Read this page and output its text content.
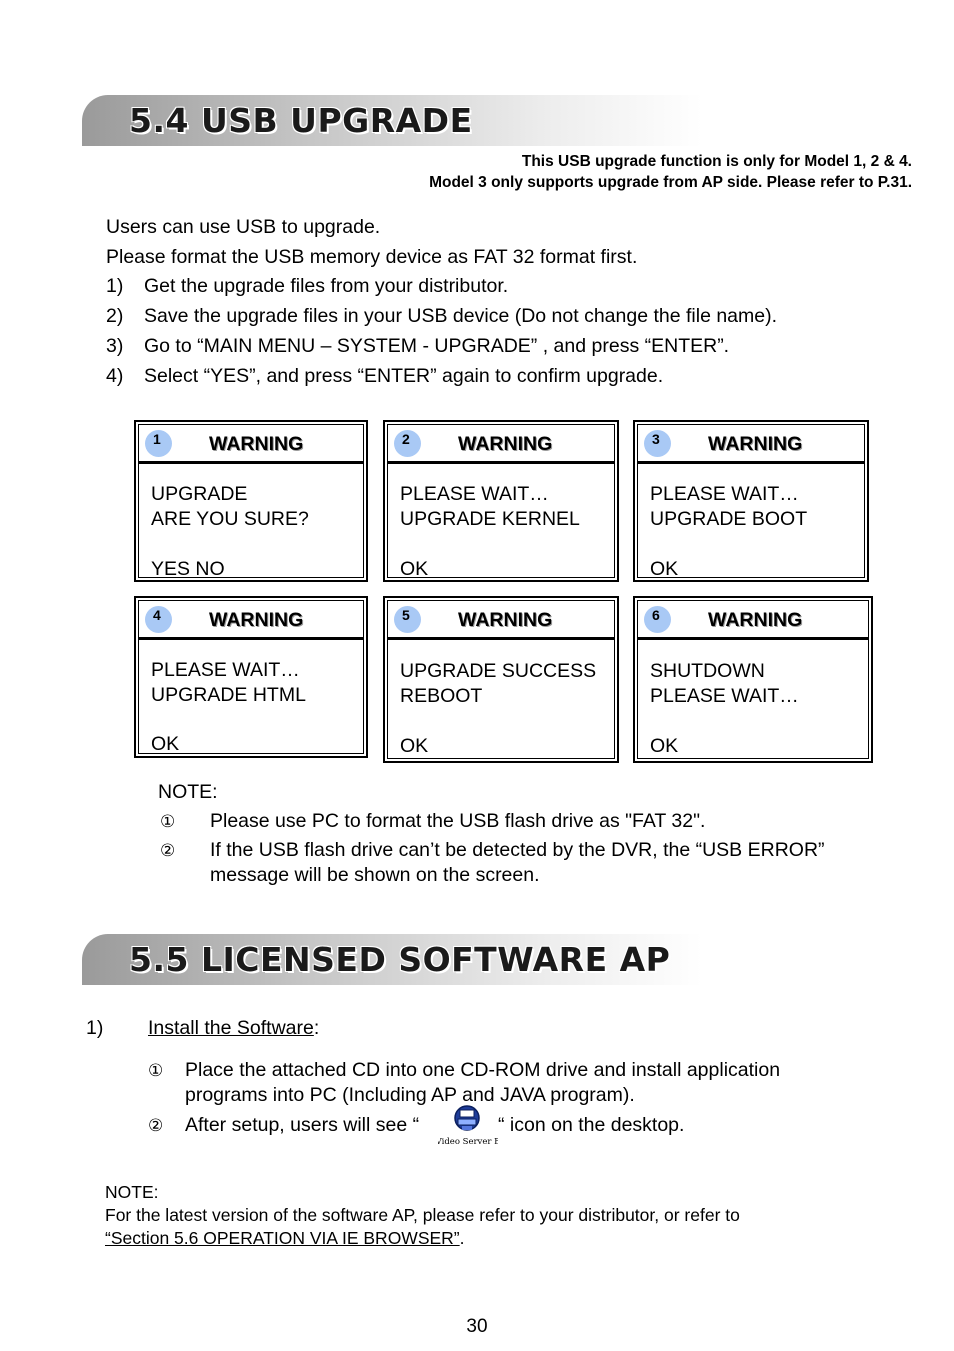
5.4 USB UPGRADE
This USB upgrade function is only for Model 1, 2 & 4.
Model 3 only supports upgrade from AP side. Please refer to P.31.
Users can use USB to upgrade.
Please format the USB memory device as FAT 32 format first.
1) Get the upgrade files from your distributor.
2) Save the upgrade files in your USB device (Do not change the file name).
3) Go to “MAIN MENU – SYSTEM - UPGRADE” , and press “ENTER”.
4) Select “YES”, and press “ENTER” again to confirm upgrade.
1 WARNING
UPGRADE
ARE YOU SURE?
YES NO
2 WARNING
PLEASE WAIT…
UPGRADE KERNEL
OK
3 WARNING
PLEASE WAIT…
UPGRADE BOOT
OK
4 WARNING
PLEASE WAIT…
UPGRADE HTML
OK
5 WARNING
UPGRADE SUCCESS
REBOOT
OK
6 WARNING
SHUTDOWN
PLEASE WAIT…
OK
NOTE:
① Please use PC to format the USB flash drive as "FAT 32".
② If the USB flash drive can’t be detected by the DVR, the “USB ERROR”
message will be shown on the screen.
5.5 LICENSED SOFTWARE AP
1) Install the Software:
① Place the attached CD into one CD-ROM drive and install application
programs into PC (Including AP and JAVA program).
② After setup, users will see “
Video Server E
“ icon on the desktop.
NOTE:
For the latest version of the software AP, please refer to your distributor, or refer to
“Section 5.6 OPERATION VIA IE BROWSER”.
30
